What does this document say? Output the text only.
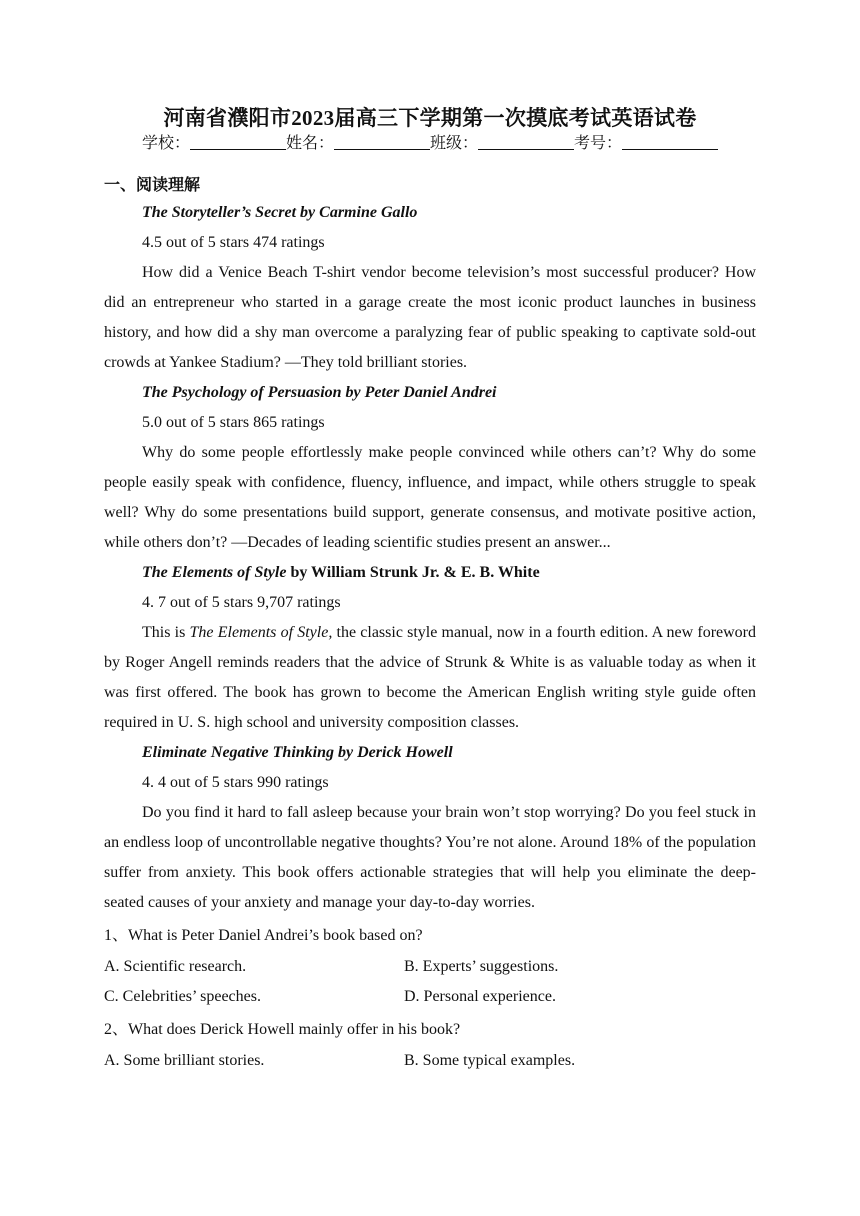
河南省濮阳市2023届高三下学期第一次摸底考试英语试卷
学校：	姓名：	班级：	考号：
一、阅读理解
The Storyteller’s Secret by Carmine Gallo
4.5 out of 5 stars 474 ratings

How did a Venice Beach T-shirt vendor become television’s most successful producer? How did an entrepreneur who started in a garage create the most iconic product launches in business history, and how did a shy man overcome a paralyzing fear of public speaking to captivate sold-out crowds at Yankee Stadium? —They told brilliant stories.

The Psychology of Persuasion by Peter Daniel Andrei
5.0 out of 5 stars 865 ratings

Why do some people effortlessly make people convinced while others can’t? Why do some people easily speak with confidence, fluency, influence, and impact, while others struggle to speak well? Why do some presentations build support, generate consensus, and motivate positive action, while others don’t? —Decades of leading scientific studies present an answer...

The Elements of Style by William Strunk Jr. & E. B. White
4. 7 out of 5 stars 9,707 ratings

This is The Elements of Style, the classic style manual, now in a fourth edition. A new foreword by Roger Angell reminds readers that the advice of Strunk & White is as valuable today as when it was first offered. The book has grown to become the American English writing style guide often required in U. S. high school and university composition classes.

Eliminate Negative Thinking by Derick Howell
4. 4 out of 5 stars 990 ratings

Do you find it hard to fall asleep because your brain won’t stop worrying? Do you feel stuck in an endless loop of uncontrollable negative thoughts? You’re not alone. Around 18% of the population suffer from anxiety. This book offers actionable strategies that will help you eliminate the deep-seated causes of your anxiety and manage your day-to-day worries.

1、What is Peter Daniel Andrei’s book based on?
A. Scientific research.	B. Experts’ suggestions.
C. Celebrities’ speeches.	D. Personal experience.
2、What does Derick Howell mainly offer in his book?
A. Some brilliant stories.	B. Some typical examples.
